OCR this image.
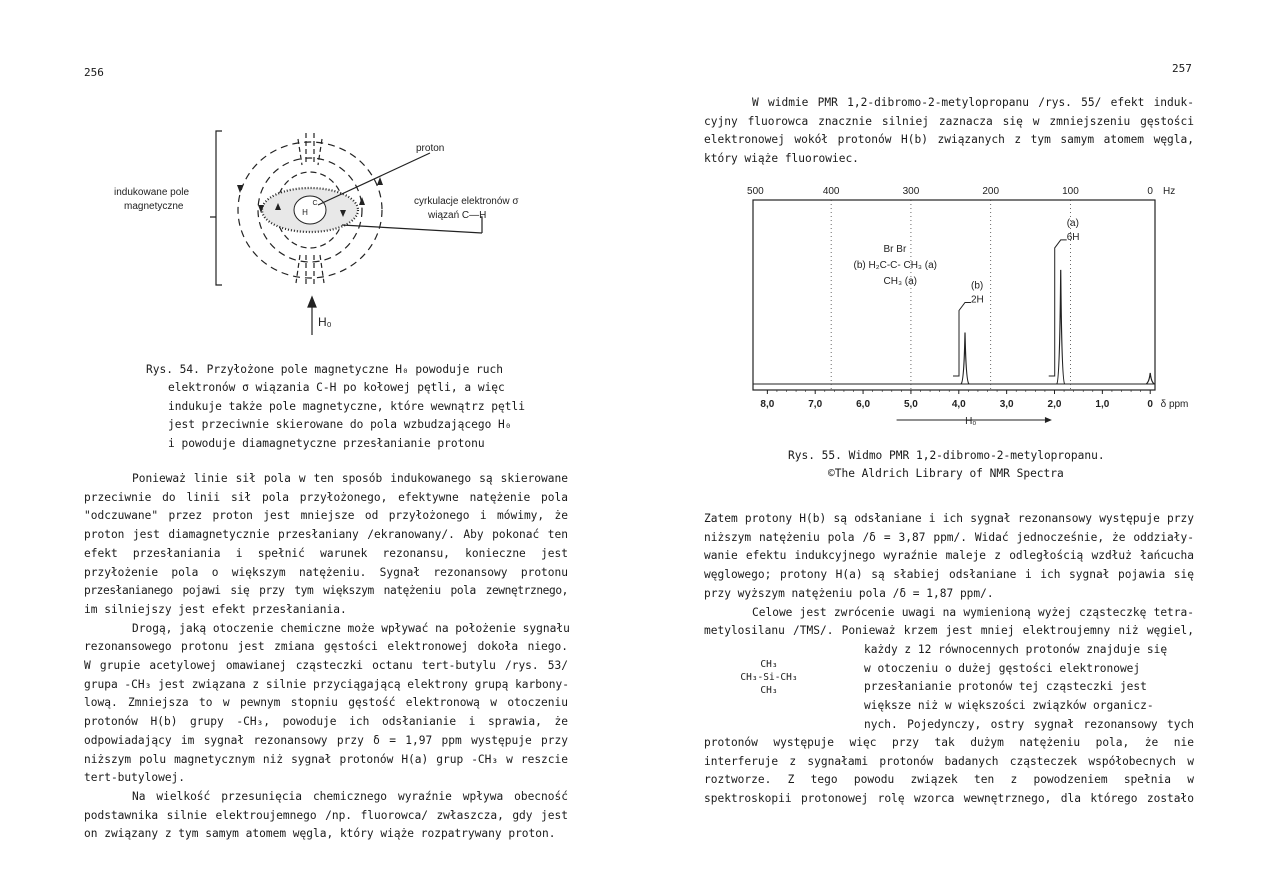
256
H
C
indukowane pole
magnetyczne
proton
cyrkulacje elektronów σ
wiązań C—H
H₀
Rys. 54. Przyłożone pole magnetyczne H₀ powoduje ruch
elektronów σ wiązania C-H po kołowej pętli, a więc
indukuje także pole magnetyczne, które wewnątrz pętli
jest przeciwnie skierowane do pola wzbudzającego H₀
i powoduje diamagnetyczne przesłanianie protonu
Ponieważ linie sił pola w ten sposób indukowanego są skierowane
przeciwnie do linii sił pola przyłożonego, efektywne natężenie pola
"odczuwane" przez proton jest mniejsze od przyłożonego i mówimy, że
proton jest diamagnetycznie przesłaniany /ekranowany/. Aby pokonać ten
efekt przesłaniania i spełnić warunek rezonansu, konieczne jest
przyłożenie pola o większym natężeniu. Sygnał rezonansowy protonu
przesłanianego pojawi się przy tym większym natężeniu pola zewnętrznego,
im silniejszy jest efekt przesłaniania.
Drogą, jaką otoczenie chemiczne może wpływać na położenie sygnału
rezonansowego protonu jest zmiana gęstości elektronowej dokoła niego.
W grupie acetylowej omawianej cząsteczki octanu tert-butylu /rys. 53/
grupa -CH₃ jest związana z silnie przyciągającą elektrony grupą karbony-
lową. Zmniejsza to w pewnym stopniu gęstość elektronową w otoczeniu
protonów H(b) grupy -CH₃, powoduje ich odsłanianie i sprawia, że
odpowiadający im sygnał rezonansowy przy δ = 1,97 ppm występuje przy
niższym polu magnetycznym niż sygnał protonów H(a) grup -CH₃ w reszcie
tert-butylowej.
Na wielkość przesunięcia chemicznego wyraźnie wpływa obecność
podstawnika silnie elektroujemnego /np. fluorowca/ zwłaszcza, gdy jest
on związany z tym samym atomem węgla, który wiąże rozpatrywany proton.
257
W widmie PMR 1,2-dibromo-2-metylopropanu /rys. 55/ efekt induk-
cyjny fluorowca znacznie silniej zaznacza się w zmniejszeniu gęstości
elektronowej wokół protonów H(b) związanych z tym samym atomem węgla,
który wiąże fluorowiec.
500	400	300	200	100	0 Hz
8,0	7,0	6,0	5,0	4,0	3,0	2,0	1,0	0 δ ppm
H₀
(b)
2H
(a)
6H
Br Br
(b) H₂C-C- CH₃ (a)
CH₃ (a)
Rys. 55. Widmo PMR 1,2-dibromo-2-metylopropanu.
©The Aldrich Library of NMR Spectra
Zatem protony H(b) są odsłaniane i ich sygnał rezonansowy występuje przy
niższym natężeniu pola /δ = 3,87 ppm/. Widać jednocześnie, że oddziały-
wanie efektu indukcyjnego wyraźnie maleje z odległością wzdłuż łańcucha
węglowego; protony H(a) są słabiej odsłaniane i ich sygnał pojawia się
przy wyższym natężeniu pola /δ = 1,87 ppm/.
Celowe jest zwrócenie uwagi na wymienioną wyżej cząsteczkę tetra-
metylosilanu /TMS/. Ponieważ krzem jest mniej elektroujemny niż węgiel,
CH₃
CH₃-Si-CH₃
CH₃
każdy z 12 równocennych protonów znajduje się
w otoczeniu o dużej gęstości elektronowej
przesłanianie protonów tej cząsteczki jest
większe niż w większości związków organicz-
nych. Pojedynczy, ostry sygnał rezonansowy tych
protonów występuje więc przy tak dużym natężeniu pola, że nie
interferuje z sygnałami protonów badanych cząsteczek współobecnych w
roztworze. Z tego powodu związek ten z powodzeniem spełnia w
spektroskopii protonowej rolę wzorca wewnętrznego, dla którego zostało
